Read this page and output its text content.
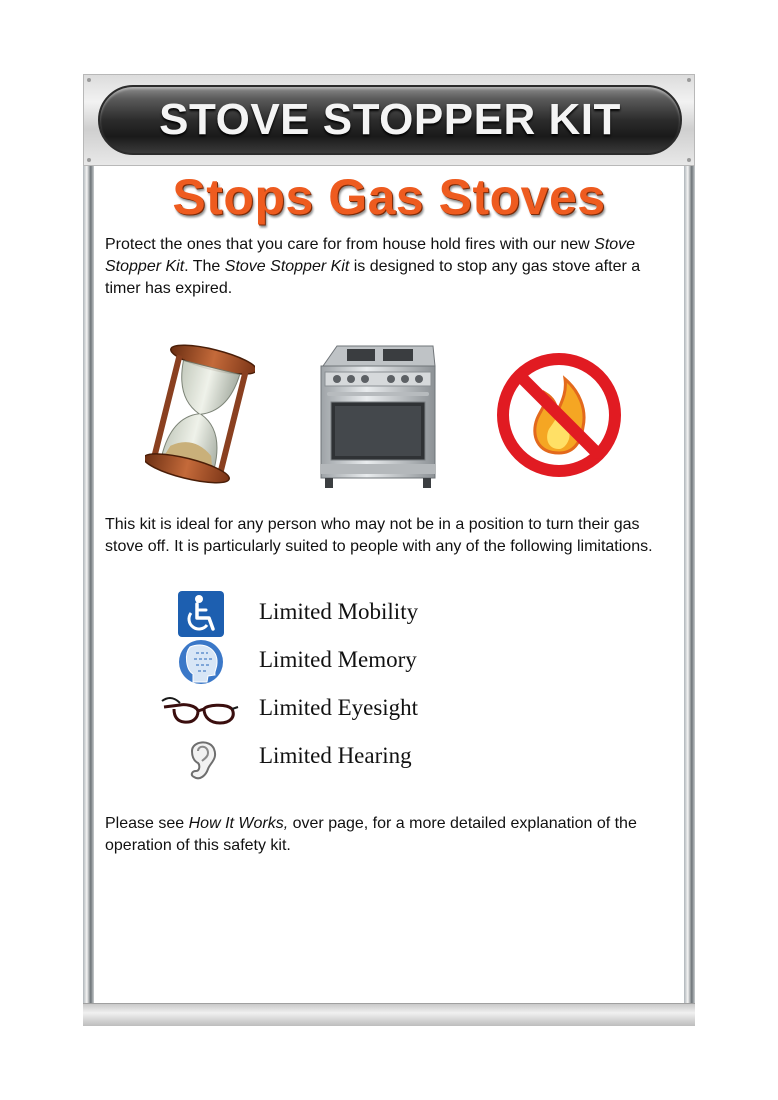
STOVE STOPPER KIT
Stops Gas Stoves

Protect the ones that you care for from house hold fires with our new Stove Stopper Kit. The Stove Stopper Kit is designed to stop any gas stove after a timer has expired.

This kit is ideal for any person who may not be in a position to turn their gas stove off. It is particularly suited to people with any of the following limitations.

Limited Mobility
Limited Memory
Limited Eyesight
Limited Hearing

Please see How It Works, over page, for a more detailed explanation of the operation of this safety kit.
